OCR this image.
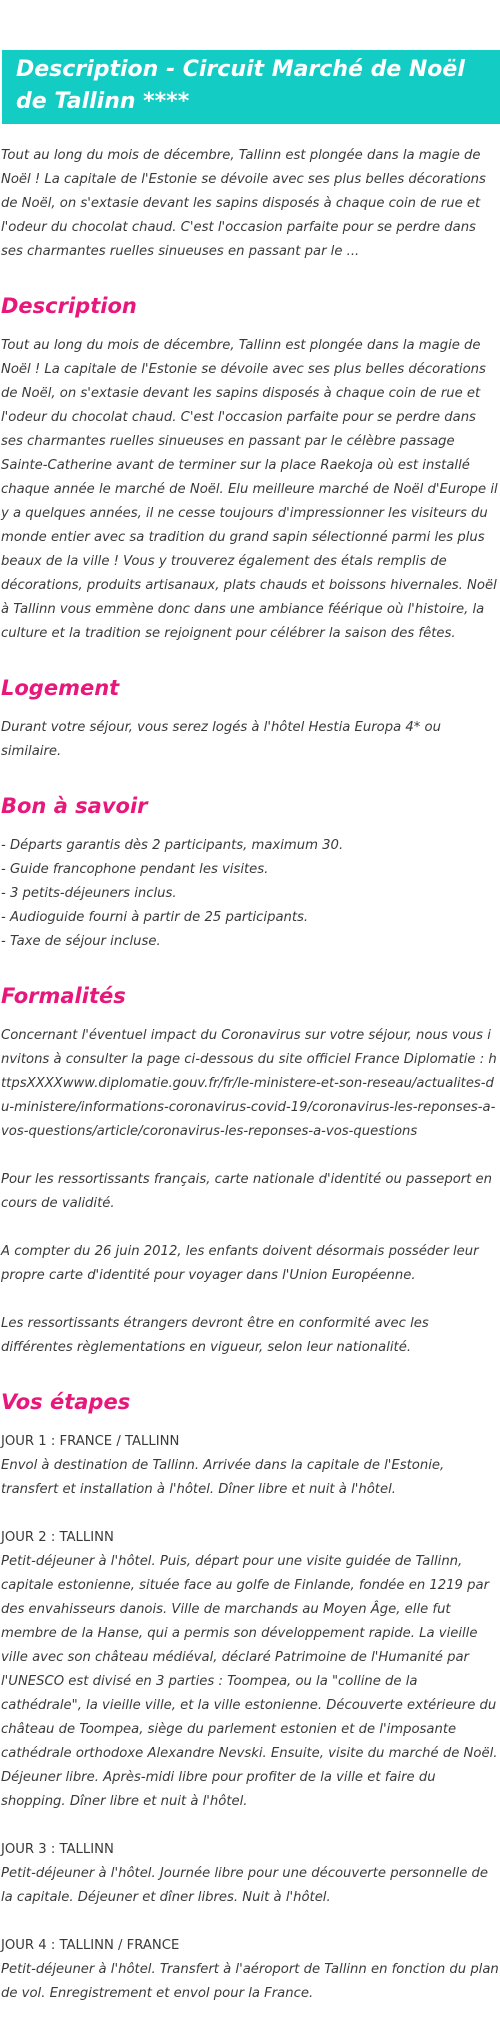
Description - Circuit Marché de Noël de Tallinn ****

Tout au long du mois de décembre, Tallinn est plongée dans la magie de Noël ! La capitale de l'Estonie se dévoile avec ses plus belles décorations de Noël, on s'extasie devant les sapins disposés à chaque coin de rue et l'odeur du chocolat chaud. C'est l'occasion parfaite pour se perdre dans ses charmantes ruelles sinueuses en passant par le ...

Description

Tout au long du mois de décembre, Tallinn est plongée dans la magie de Noël ! La capitale de l'Estonie se dévoile avec ses plus belles décorations de Noël, on s'extasie devant les sapins disposés à chaque coin de rue et l'odeur du chocolat chaud. C'est l'occasion parfaite pour se perdre dans ses charmantes ruelles sinueuses en passant par le célèbre passage Sainte-Catherine avant de terminer sur la place Raekoja où est installé chaque année le marché de Noël. Elu meilleure marché de Noël d'Europe il y a quelques années, il ne cesse toujours d'impressionner les visiteurs du monde entier avec sa tradition du grand sapin sélectionné parmi les plus beaux de la ville ! Vous y trouverez également des étals remplis de décorations, produits artisanaux, plats chauds et boissons hivernales. Noël à Tallinn vous emmène donc dans une ambiance féérique où l'histoire, la culture et la tradition se rejoignent pour célébrer la saison des fêtes.

Logement

Durant votre séjour, vous serez logés à l'hôtel Hestia Europa 4* ou similaire.

Bon à savoir
- Départs garantis dès 2 participants, maximum 30.
- Guide francophone pendant les visites.
- 3 petits-déjeuners inclus.
- Audioguide fourni à partir de 25 participants.
- Taxe de séjour incluse.
Formalités

Concernant l'éventuel impact du Coronavirus sur votre séjour, nous vous invitons à consulter la page ci-dessous du site officiel France Diplomatie : httpsXXXXwww.diplomatie.gouv.fr/fr/le-ministere-et-son-reseau/actualites-du-ministere/informations-coronavirus-covid-19/coronavirus-les-reponses-a-vos-questions/article/coronavirus-les-reponses-a-vos-questions

Pour les ressortissants français, carte nationale d'identité ou passeport en cours de validité.

A compter du 26 juin 2012, les enfants doivent désormais posséder leur propre carte d'identité pour voyager dans l'Union Européenne.

Les ressortissants étrangers devront être en conformité avec les différentes règlementations en vigueur, selon leur nationalité.

Vos étapes
JOUR 1 : FRANCE / TALLINN
Envol à destination de Tallinn. Arrivée dans la capitale de l'Estonie, transfert et installation à l'hôtel. Dîner libre et nuit à l'hôtel.
JOUR 2 : TALLINN
Petit-déjeuner à l'hôtel. Puis, départ pour une visite guidée de Tallinn, capitale estonienne, située face au golfe de Finlande, fondée en 1219 par des envahisseurs danois. Ville de marchands au Moyen Âge, elle fut membre de la Hanse, qui a permis son développement rapide. La vieille ville avec son château médiéval, déclaré Patrimoine de l'Humanité par l'UNESCO est divisé en 3 parties : Toompea, ou la "colline de la cathédrale", la vieille ville, et la ville estonienne. Découverte extérieure du château de Toompea, siège du parlement estonien et de l'imposante cathédrale orthodoxe Alexandre Nevski. Ensuite, visite du marché de Noël. Déjeuner libre. Après-midi libre pour profiter de la ville et faire du shopping. Dîner libre et nuit à l'hôtel.
JOUR 3 : TALLINN
Petit-déjeuner à l'hôtel. Journée libre pour une découverte personnelle de la capitale. Déjeuner et dîner libres. Nuit à l'hôtel.
JOUR 4 : TALLINN / FRANCE
Petit-déjeuner à l'hôtel. Transfert à l'aéroport de Tallinn en fonction du plan de vol. Enregistrement et envol pour la France.
